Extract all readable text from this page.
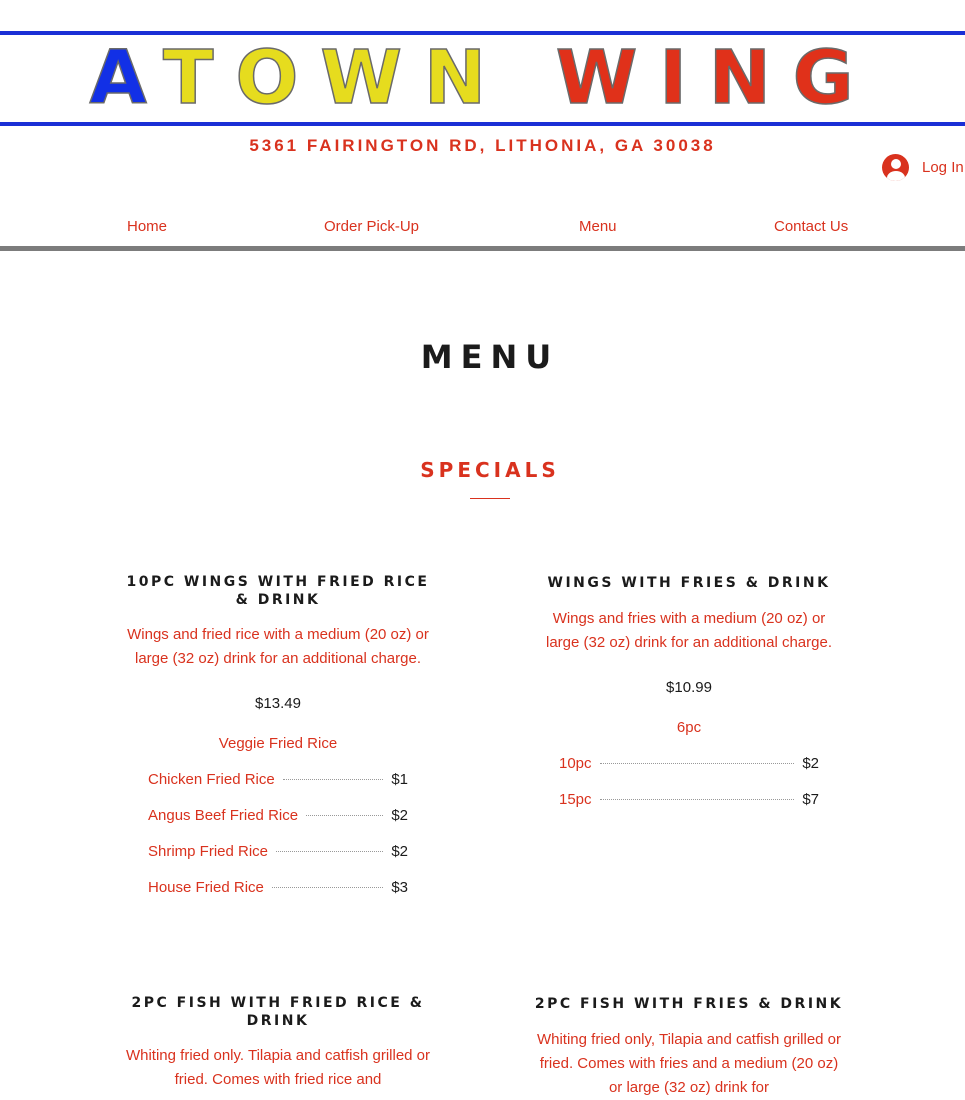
ATOWN WING
5361 FAIRINGTON RD, LITHONIA, GA 30038
Log In
Home	Order Pick-Up	Menu	Contact Us
MENU
SPECIALS
10PC WINGS WITH FRIED RICE & DRINK

Wings and fried rice with a medium (20 oz) or large (32 oz) drink for an additional charge.

$13.49
Veggie Fried Rice
Chicken Fried Rice	$1
Angus Beef Fried Rice	$2
Shrimp Fried Rice	$2
House Fried Rice	$3
WINGS WITH FRIES & DRINK

Wings and fries with a medium (20 oz) or large (32 oz) drink for an additional charge.

$10.99
6pc
10pc	$2
15pc	$7
2PC FISH WITH FRIED RICE & DRINK

Whiting fried only. Tilapia and catfish grilled or fried. Comes with fried rice and

2PC FISH WITH FRIES & DRINK

Whiting fried only, Tilapia and catfish grilled or fried. Comes with fries and a medium (20 oz) or large (32 oz) drink for
